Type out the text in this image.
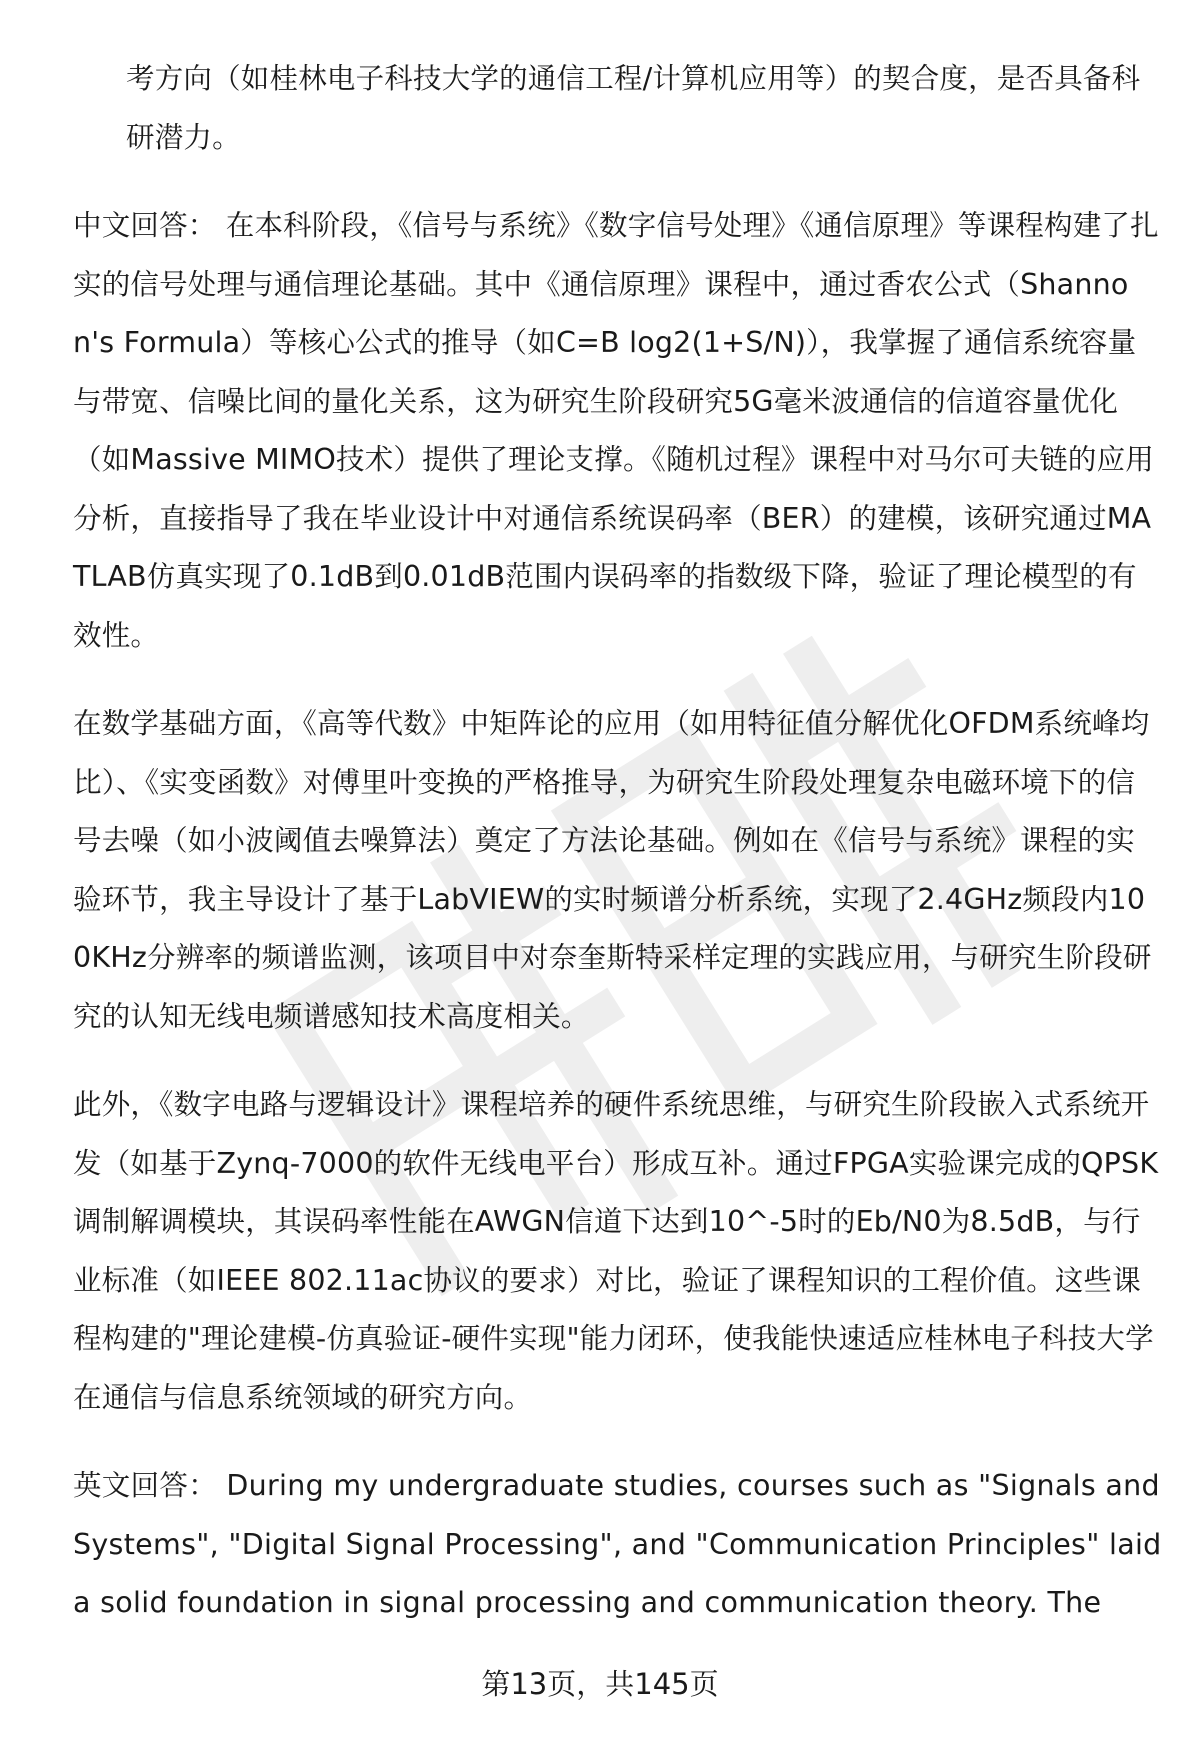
考方向（如桂林电子科技大学的通信工程/计算机应用等）的契合度，是否具备科研潜力。

中文回答： 在本科阶段，《信号与系统》《数字信号处理》《通信原理》等课程构建了扎实的信号处理与通信理论基础。其中《通信原理》课程中，通过香农公式（Shannon's Formula）等核心公式的推导（如C=B log2(1+S/N)），我掌握了通信系统容量与带宽、信噪比间的量化关系，这为研究生阶段研究5G毫米波通信的信道容量优化（如Massive MIMO技术）提供了理论支撑。《随机过程》课程中对马尔可夫链的应用分析，直接指导了我在毕业设计中对通信系统误码率（BER）的建模，该研究通过MATLAB仿真实现了0.1dB到0.01dB范围内误码率的指数级下降，验证了理论模型的有效性。

在数学基础方面，《高等代数》中矩阵论的应用（如用特征值分解优化OFDM系统峰均比）、《实变函数》对傅里叶变换的严格推导，为研究生阶段处理复杂电磁环境下的信号去噪（如小波阈值去噪算法）奠定了方法论基础。例如在《信号与系统》课程的实验环节，我主导设计了基于LabVIEW的实时频谱分析系统，实现了2.4GHz频段内100KHz分辨率的频谱监测，该项目中对奈奎斯特采样定理的实践应用，与研究生阶段研究的认知无线电频谱感知技术高度相关。

此外，《数字电路与逻辑设计》课程培养的硬件系统思维，与研究生阶段嵌入式系统开发（如基于Zynq-7000的软件无线电平台）形成互补。通过FPGA实验课完成的QPSK调制解调模块，其误码率性能在AWGN信道下达到10^-5时的Eb/N0为8.5dB，与行业标准（如IEEE 802.11ac协议的要求）对比，验证了课程知识的工程价值。这些课程构建的"理论建模-仿真验证-硬件实现"能力闭环，使我能快速适应桂林电子科技大学在通信与信息系统领域的研究方向。

英文回答： During my undergraduate studies, courses such as "Signals and Systems", "Digital Signal Processing", and "Communication Principles" laid a solid foundation in signal processing and communication theory. The

第13页，共145页
